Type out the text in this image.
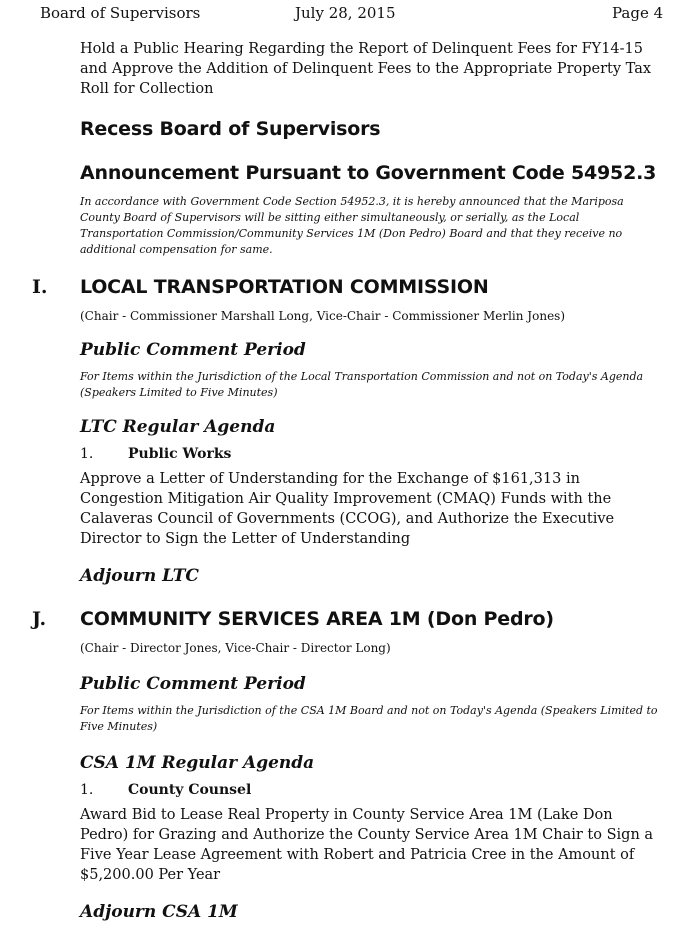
Board of Supervisors	July 28, 2015	Page 4
Hold a Public Hearing Regarding the Report of Delinquent Fees for FY14-15 and Approve the Addition of Delinquent Fees to the Appropriate Property Tax Roll for Collection
Recess Board of Supervisors
Announcement Pursuant to Government Code 54952.3
In accordance with Government Code Section 54952.3, it is hereby announced that the Mariposa County Board of Supervisors will be sitting either simultaneously, or serially, as the Local Transportation Commission/Community Services 1M (Don Pedro) Board and that they receive no additional compensation for same.
I. LOCAL TRANSPORTATION COMMISSION
(Chair - Commissioner Marshall Long, Vice-Chair - Commissioner Merlin Jones)
Public Comment Period
For Items within the Jurisdiction of the Local Transportation Commission and not on Today's Agenda (Speakers Limited to Five Minutes)
LTC Regular Agenda
1. Public Works
Approve a Letter of Understanding for the Exchange of $161,313 in Congestion Mitigation Air Quality Improvement (CMAQ) Funds with the Calaveras Council of Governments (CCOG), and Authorize the Executive Director to Sign the Letter of Understanding
Adjourn LTC
J. COMMUNITY SERVICES AREA 1M (Don Pedro)
(Chair - Director Jones, Vice-Chair - Director Long)
Public Comment Period
For Items within the Jurisdiction of the CSA 1M Board and not on Today's Agenda (Speakers Limited to Five Minutes)
CSA 1M Regular Agenda
1. County Counsel
Award Bid to Lease Real Property in County Service Area 1M (Lake Don Pedro) for Grazing and Authorize the County Service Area 1M Chair to Sign a Five Year Lease Agreement with Robert and Patricia Cree in the Amount of $5,200.00 Per Year
Adjourn CSA 1M
